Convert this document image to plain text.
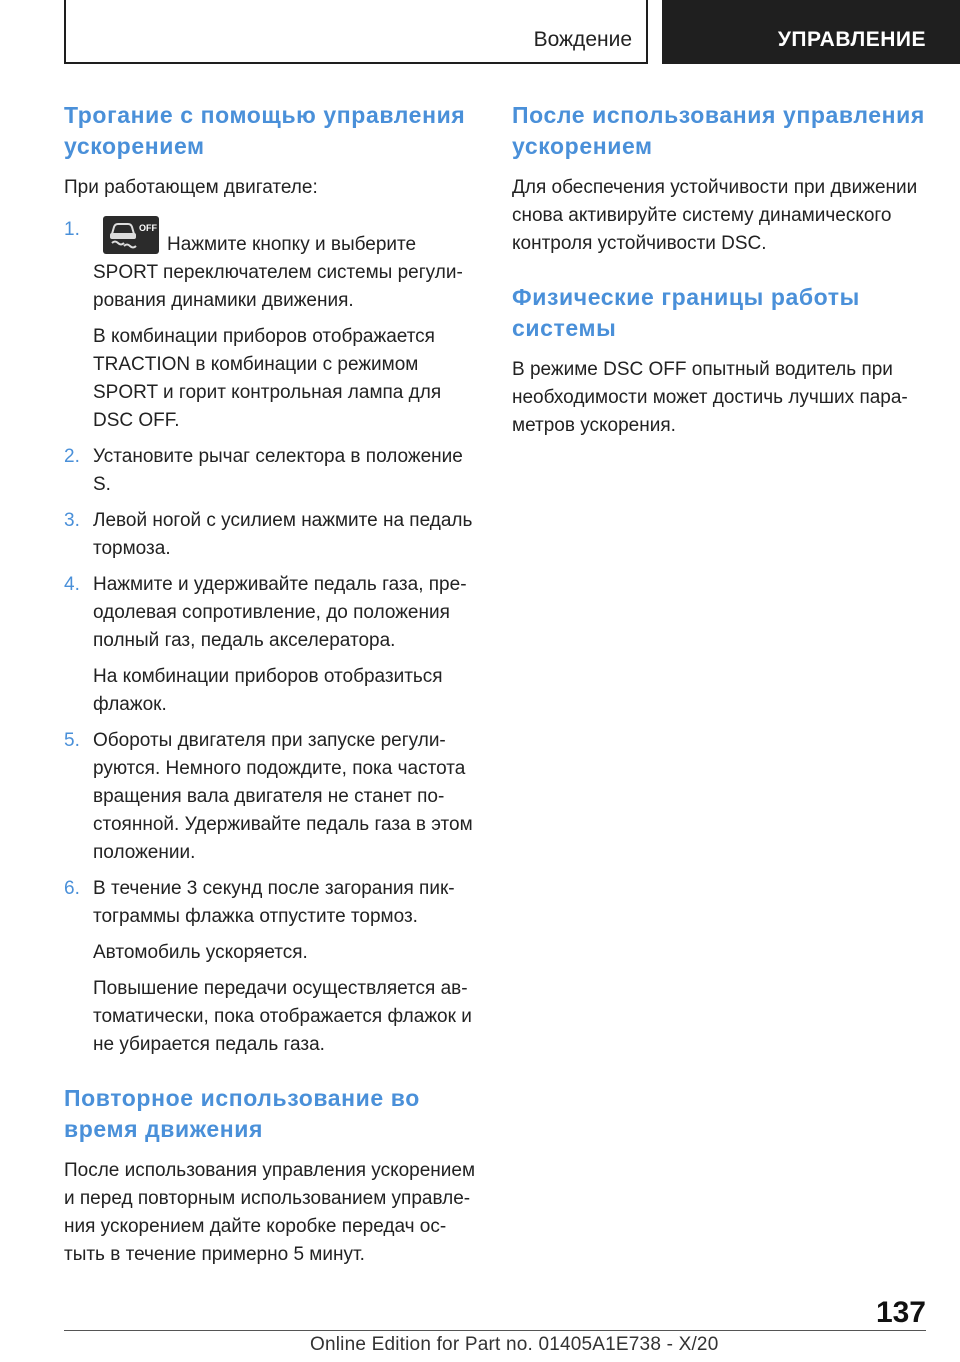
Вождение	УПРАВЛЕНИЕ
Трогание с помощью управления ускорением

При работающем двигателе:

1.	OFF
Нажмите кнопку и выберите SPORT переключателем системы регули-рования динамики движения.

В комбинации приборов отображается TRACTION в комбинации с режимом SPORT и горит контрольная лампа для DSC OFF.

2. Установите рычаг селектора в положение S.

3. Левой ногой с усилием нажмите на педаль тормоза.

4. Нажмите и удерживайте педаль газа, пре-одолевая сопротивление, до положения полный газ, педаль акселератора.

На комбинации приборов отобразиться флажок.

5. Обороты двигателя при запуске регули-руются. Немного подождите, пока частота вращения вала двигателя не станет по-стоянной. Удерживайте педаль газа в этом положении.

6. В течение 3 секунд после загорания пик-тограммы флажка отпустите тормоз.

Автомобиль ускоряется.

Повышение передачи осуществляется ав-томатически, пока отображается флажок и не убирается педаль газа.

Повторное использование во время движения

После использования управления ускорением и перед повторным использованием управле-ния ускорением дайте коробке передач ос-тыть в течение примерно 5 минут.

После использования управления ускорением

Для обеспечения устойчивости при движении снова активируйте систему динамического контроля устойчивости DSC.

Физические границы работы системы

В режиме DSC OFF опытный водитель при необходимости может достичь лучших пара-метров ускорения.

137
Online Edition for Part no. 01405A1E738 - X/20
